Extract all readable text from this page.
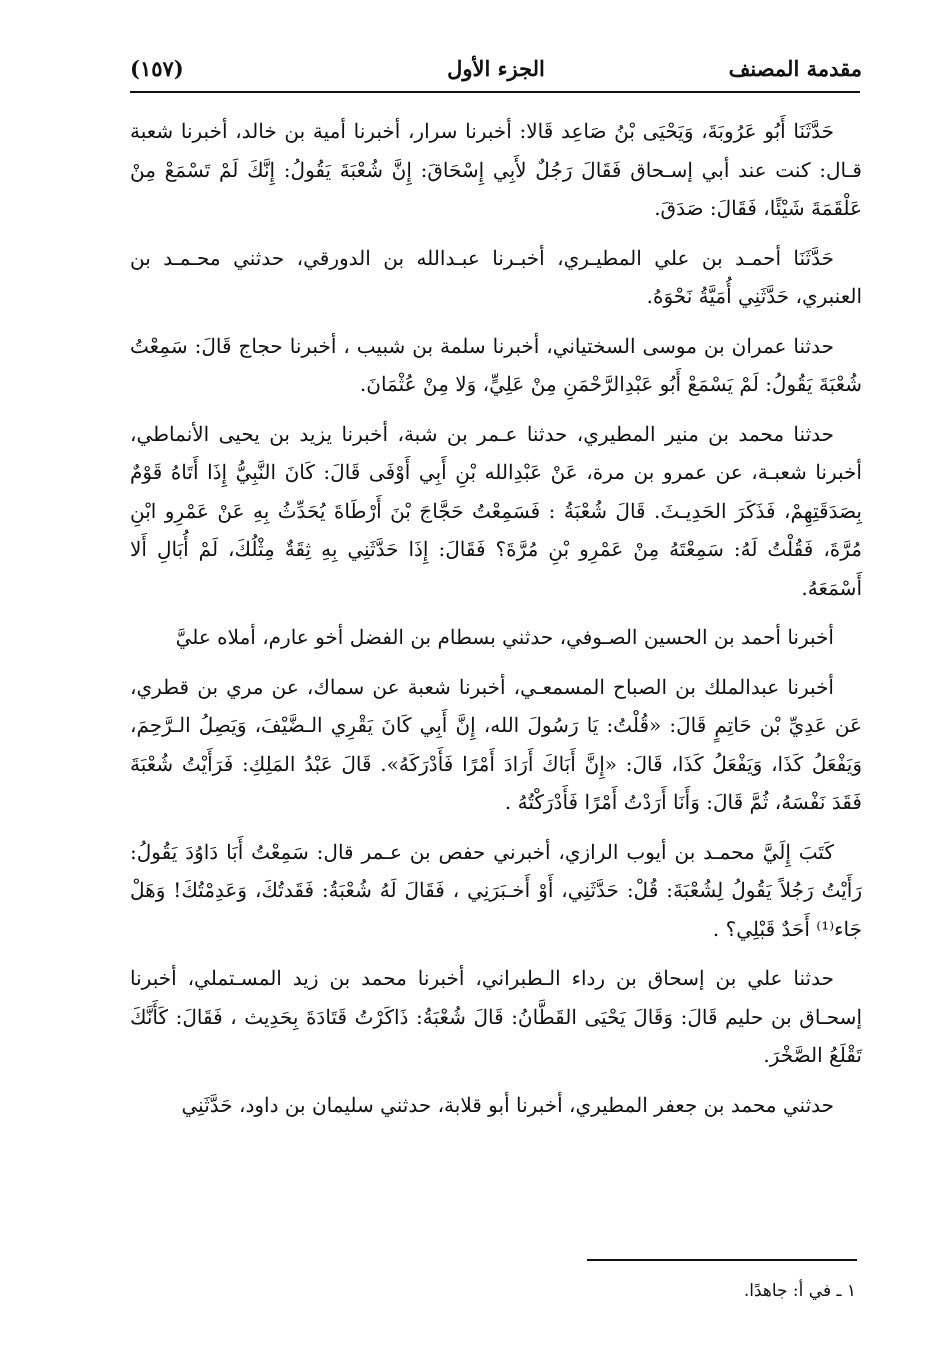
مقدمة المصنف
الجزء الأول
(١٥٧)

حَدَّثَنَا أَبُو عَرُوبَةَ، وَيَحْيَى بْنُ صَاعِد قَالا: أخبرنا سرار، أخبرنا أمية بن خالد، أخبرنا شعبة قـال: كنت عند أبي إسـحاق فَقَالَ رَجُلٌ لأَبِي إِسْحَاقَ: إِنَّ شُعْبَةَ يَقُولُ: إِنَّكَ لَمْ تَسْمَعْ مِنْ عَلْقَمَةَ شَيْئًا، فَقَالَ: صَدَقَ.

حَدَّثَنَا أحمـد بن علي المطيـري، أخبـرنا عبـدالله بن الدورقي، حدثني محـمـد بن العنبري، حَدَّثَنِي أُمَيَّةُ نَحْوَهُ.

حدثنا عمران بن موسى السختياني، أخبرنا سلمة بن شبيب ، أخبرنا حجاج قَالَ: سَمِعْتُ شُعْبَةَ يَقُولُ: لَمْ يَسْمَعْ أَبُو عَبْدِالرَّحْمَنِ مِنْ عَلِيٍّ، وَلا مِنْ عُثْمَانَ.

حدثنا محمد بن منير المطيري، حدثنا عـمر بن شبة، أخبرنا يزيد بن يحيى الأنماطي، أخبرنا شعبـة، عن عمرو بن مرة، عَنْ عَبْدِالله بْنِ أَبِي أَوْفَى قَالَ: كَانَ النَّبِيُّ إِذَا أَتَاهُ قَوْمٌ بِصَدَقَتِهِمْ، فَذَكَرَ الحَدِيـثَ. قَالَ شُعْبَةُ : فَسَمِعْتُ حَجَّاجَ بْنَ أَرْطَاةَ يُحَدِّثُ بِهِ عَنْ عَمْرِو ابْنِ مُرَّةَ، فَقُلْتُ لَهُ: سَمِعْتَهُ مِنْ عَمْرِو بْنِ مُرَّةَ؟ فَقَالَ: إِذَا حَدَّثَنِي بِهِ ثِقَةٌ مِثْلُكَ، لَمْ أُبَالِ أَلا أَسْمَعَهُ.

أخبرنا أحمد بن الحسين الصـوفي، حدثني بسطام بن الفضل أخو عارم، أملاه عليَّ

أخبرنا عبدالملك بن الصباح المسمعـي، أخبرنا شعبة عن سماك، عن مري بن قطري، عَن عَدِيِّ بْن حَاتِمٍ قَالَ: «قُلْتُ: يَا رَسُولَ الله، إِنَّ أَبِي كَانَ يَقْرِي الـضَّيْفَ، وَيَصِلُ الـرَّحِمَ، وَيَفْعَلُ كَذَا، وَيَفْعَلُ كَذَا، قَالَ: «إِنَّ أَبَاكَ أَرَادَ أَمْرًا فَأَدْرَكَهُ». قَالَ عَبْدُ المَلِكِ: فَرَأَيْتُ شُعْبَةَ فَقَدَ نَفْسَهُ، ثُمَّ قَالَ: وَأَنَا أَرَدْتُ أَمْرًا فَأَدْرَكْتُهُ .

كَتَبَ إِلَيَّ محمـد بن أيوب الرازي، أخبرني حفص بن عـمر قال: سَمِعْتُ أَبَا دَاوُدَ يَقُولُ: رَأَيْتُ رَجُلاً يَقُولُ لِشُعْبَةَ: قُلْ: حَدَّثَنِي، أَوْ أَخـبَرَنِي ، فَقَالَ لَهُ شُعْبَةُ: فَقَدتُكَ، وَعَدِمْتُكَ! وَهَلْ جَاء⁽¹⁾ أَحَدٌ قَبْلِي؟ .

حدثنا علي بن إسحاق بن رداء الـطبراني، أخبرنا محمد بن زيد المسـتملي، أخبرنا إسحـاق بن حليم قَالَ: وَقَالَ يَحْيَى القَطَّانُ: قَالَ شُعْبَةُ: ذَاكَرْتُ قَتَادَةَ بِحَدِيث ، فَقَالَ: كَأَنَّكَ تَقْلَعُ الصَّخْرَ.

حدثني محمد بن جعفر المطيري، أخبرنا أبو قلابة، حدثني سليمان بن داود، حَدَّثَنِي

١ ـ في أ: جاهدًا.
